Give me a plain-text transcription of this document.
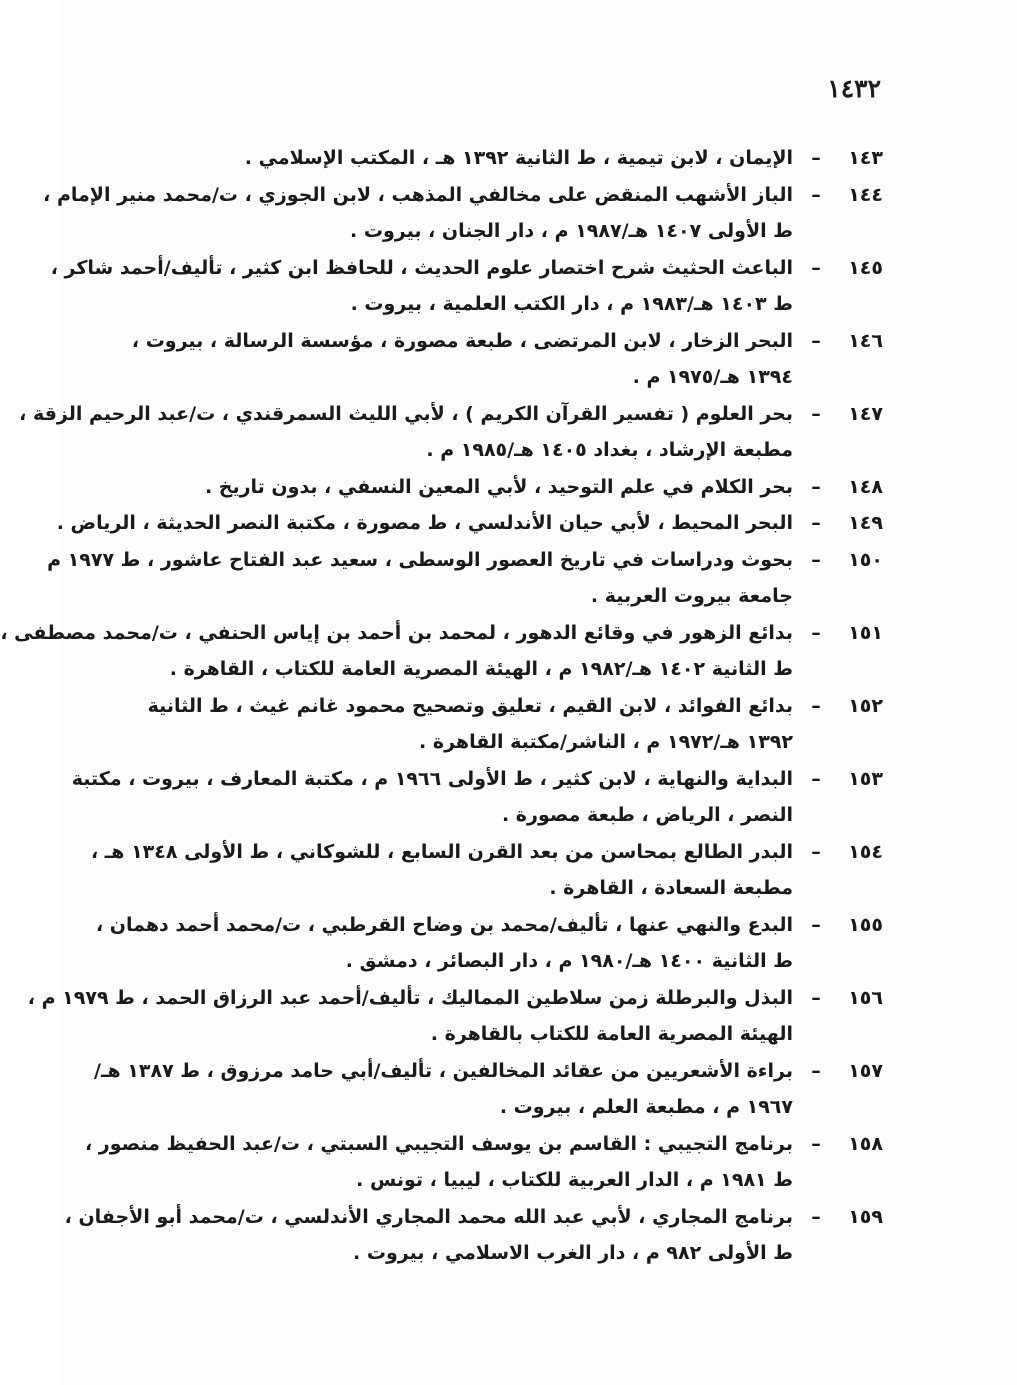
١٤٣٢
١٤٣
–
الإيمان ، لابن تيمية ، ط الثانية ١٣٩٢ هـ ، المكتب الإسلامي .
١٤٤
–
الباز الأشهب المنقض على مخالفي المذهب ، لابن الجوزي ، ت/محمد منير الإمام ،
ط الأولى ١٤٠٧ هـ/١٩٨٧ م ، دار الجنان ، بيروت .
١٤٥
–
الباعث الحثيث شرح اختصار علوم الحديث ، للحافظ ابن كثير ، تأليف/أحمد شاكر ،
ط ١٤٠٣ هـ/١٩٨٣ م ، دار الكتب العلمية ، بيروت .
١٤٦
–
البحر الزخار ، لابن المرتضى ، طبعة مصورة ، مؤسسة الرسالة ، بيروت ،
١٣٩٤ هـ/١٩٧٥ م .
١٤٧
–
بحر العلوم ( تفسير القرآن الكريم ) ، لأبي الليث السمرقندي ، ت/عبد الرحيم الزقة ،
مطبعة الإرشاد ، بغداد ١٤٠٥ هـ/١٩٨٥ م .
١٤٨
–
بحر الكلام في علم التوحيد ، لأبي المعين النسفي ، بدون تاريخ .
١٤٩
–
البحر المحيط ، لأبي حيان الأندلسي ، ط مصورة ، مكتبة النصر الحديثة ، الرياض .
١٥٠
–
بحوث ودراسات في تاريخ العصور الوسطى ، سعيد عبد الفتاح عاشور ، ط ١٩٧٧ م
جامعة بيروت العربية .
١٥١
–
بدائع الزهور في وقائع الدهور ، لمحمد بن أحمد بن إياس الحنفي ، ت/محمد مصطفى ،
ط الثانية ١٤٠٢ هـ/١٩٨٢ م ، الهيئة المصرية العامة للكتاب ، القاهرة .
١٥٢
–
بدائع الفوائد ، لابن القيم ، تعليق وتصحيح محمود غانم غيث ، ط الثانية
١٣٩٢ هـ/١٩٧٢ م ، الناشر/مكتبة القاهرة .
١٥٣
–
البداية والنهاية ، لابن كثير ، ط الأولى ١٩٦٦ م ، مكتبة المعارف ، بيروت ، مكتبة
النصر ، الرياض ، طبعة مصورة .
١٥٤
–
البدر الطالع بمحاسن من بعد القرن السابع ، للشوكاني ، ط الأولى ١٣٤٨ هـ ،
مطبعة السعادة ، القاهرة .
١٥٥
–
البدع والنهي عنها ، تأليف/محمد بن وضاح القرطبي ، ت/محمد أحمد دهمان ،
ط الثانية ١٤٠٠ هـ/١٩٨٠ م ، دار البصائر ، دمشق .
١٥٦
–
البذل والبرطلة زمن سلاطين المماليك ، تأليف/أحمد عبد الرزاق الحمد ، ط ١٩٧٩ م ،
الهيئة المصرية العامة للكتاب بالقاهرة .
١٥٧
–
براءة الأشعريين من عقائد المخالفين ، تأليف/أبي حامد مرزوق ، ط ١٣٨٧ هـ/
١٩٦٧ م ، مطبعة العلم ، بيروت .
١٥٨
–
برنامج التجيبي : القاسم بن يوسف التجيبي السبتي ، ت/عبد الحفيظ منصور ،
ط ١٩٨١ م ، الدار العربية للكتاب ، ليبيا ، تونس .
١٥٩
–
برنامج المجاري ، لأبي عبد الله محمد المجاري الأندلسي ، ت/محمد أبو الأجفان ،
ط الأولى ٩٨٢ م ، دار الغرب الاسلامي ، بيروت .
